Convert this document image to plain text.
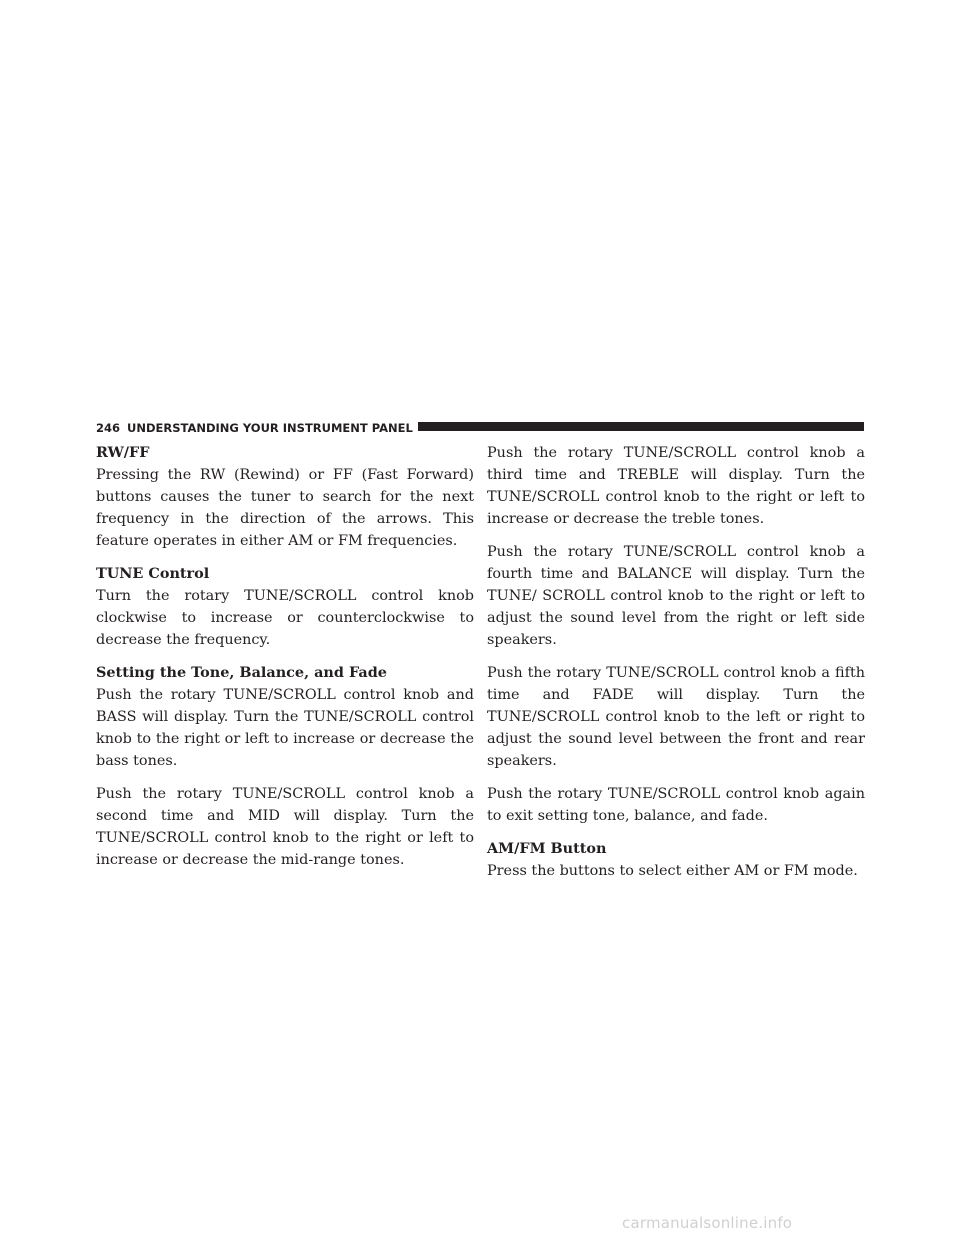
246 UNDERSTANDING YOUR INSTRUMENT PANEL
RW/FF

Pressing the RW (Rewind) or FF (Fast Forward) buttons causes the tuner to search for the next frequency in the direction of the arrows. This feature operates in either AM or FM frequencies.

TUNE Control

Turn the rotary TUNE/SCROLL control knob clockwise to increase or counterclockwise to decrease the frequency.

Setting the Tone, Balance, and Fade

Push the rotary TUNE/SCROLL control knob and BASS will display. Turn the TUNE/SCROLL control knob to the right or left to increase or decrease the bass tones.

Push the rotary TUNE/SCROLL control knob a second time and MID will display. Turn the TUNE/SCROLL control knob to the right or left to increase or decrease the mid-range tones.

Push the rotary TUNE/SCROLL control knob a third time and TREBLE will display. Turn the TUNE/SCROLL control knob to the right or left to increase or decrease the treble tones.

Push the rotary TUNE/SCROLL control knob a fourth time and BALANCE will display. Turn the TUNE/ SCROLL control knob to the right or left to adjust the sound level from the right or left side speakers.

Push the rotary TUNE/SCROLL control knob a fifth time and FADE will display. Turn the TUNE/SCROLL control knob to the left or right to adjust the sound level between the front and rear speakers.

Push the rotary TUNE/SCROLL control knob again to exit setting tone, balance, and fade.

AM/FM Button

Press the buttons to select either AM or FM mode.

carmanualsonline.info
